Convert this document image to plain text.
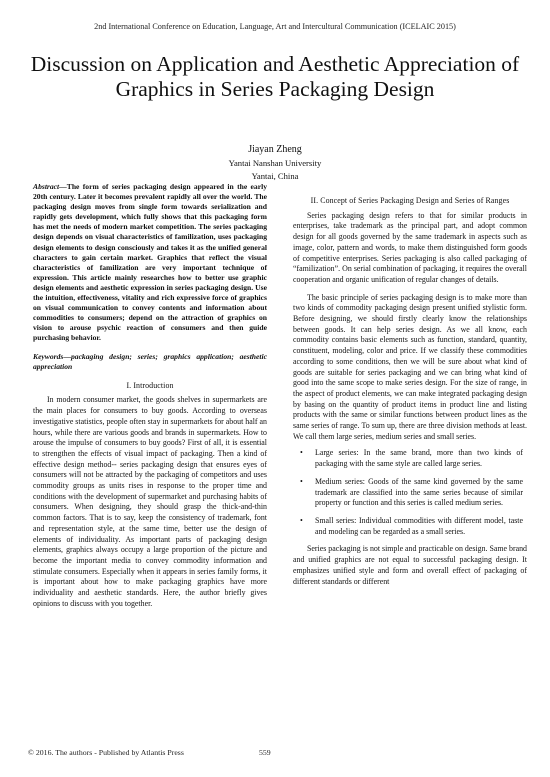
2nd International Conference on Education, Language, Art and Intercultural Communication (ICELAIC 2015)
Discussion on Application and Aesthetic Appreciation of Graphics in Series Packaging Design
Jiayan Zheng
Yantai Nanshan University
Yantai, China

Abstract—The form of series packaging design appeared in the early 20th century. Later it becomes prevalent rapidly all over the world. The packaging design moves from single form towards serialization and rapidly gets development, which fully shows that this packaging form has met the needs of modern market competition. The series packaging design depends on visual characteristics of familization, uses packaging design elements to design consciously and takes it as the unified general characters to gain certain market. Graphics that reflect the visual characteristics of familization are very important technique of expression. This article mainly researches how to better use graphic design elements and aesthetic expression in series packaging design. Use the intuition, effectiveness, vitality and rich expressive force of graphics on visual communication to convey contents and information about commodities to consumers; depend on the attraction of graphics on vision to arouse psychic reaction of consumers and then guide purchasing behavior.

Keywords—packaging design; series; graphics application; aesthetic appreciation

I. Introduction

In modern consumer market, the goods shelves in supermarkets are the main places for consumers to buy goods. According to overseas investigative statistics, people often stay in supermarkets for about half an hours, while there are various goods and brands in supermarkets. How to arouse the impulse of consumers to buy goods? First of all, it is essential to strengthen the effects of visual impact of packaging. Then a kind of effective design method-- series packaging design that ensures eyes of consumers will not be attracted by the packaging of competitors and uses commodity groups as units rises in response to the proper time and conditions with the development of supermarket and purchasing habits of consumers. When designing, they should grasp the thick-and-thin common factors. That is to say, keep the consistency of trademark, font and representation style, at the same time, better use the design of elements of individuality. As important parts of packaging design elements, graphics always occupy a large proportion of the picture and become the important media to convey commodity information and stimulate consumers. Especially when it appears in series family forms, it is important about how to make packaging graphics have more individuality and aesthetic standards. Here, the author briefly gives opinions to discuss with you together.

II. Concept of Series Packaging Design and Series of Ranges

Series packaging design refers to that for similar products in enterprises, take trademark as the principal part, and adopt common design for all goods governed by the same trademark in aspects such as image, color, pattern and words, to make them distinguished form goods of competitive enterprises. Series packaging is also called packaging of “familization”. On serial combination of packaging, it requires the overall cooperation and organic unification of regular changes of details.

The basic principle of series packaging design is to make more than two kinds of commodity packaging design present unified stylistic form. Before designing, we should firstly clearly know the relationships between goods. It can help series design. As we all know, each commodity contains basic elements such as function, standard, quantity, constituent, modeling, color and price. If we classify these commodities according to some conditions, then we will be sure about what kind of goods are suitable for series packaging and we can bring what kind of good into the same scope to make series design. For the size of range, in the aspect of product elements, we can make integrated packaging design by basing on the quantity of product items in product line and listing products with the same or similar functions between product lines as the same series of range. To sum up, there are three division methods at least. We call them large series, medium series and small series.

• Large series: In the same brand, more than two kinds of packaging with the same style are called large series.
• Medium series: Goods of the same kind governed by the same trademark are classified into the same series because of similar property or function and this series is called medium series.
• Small series: Individual commodities with different model, taste and modeling can be regarded as a small series.

Series packaging is not simple and practicable on design. Same brand and unified graphics are not equal to successful packaging design. It emphasizes unified style and form and overall effect of packaging of different standards or different

© 2016. The authors - Published by Atlantis Press	559
